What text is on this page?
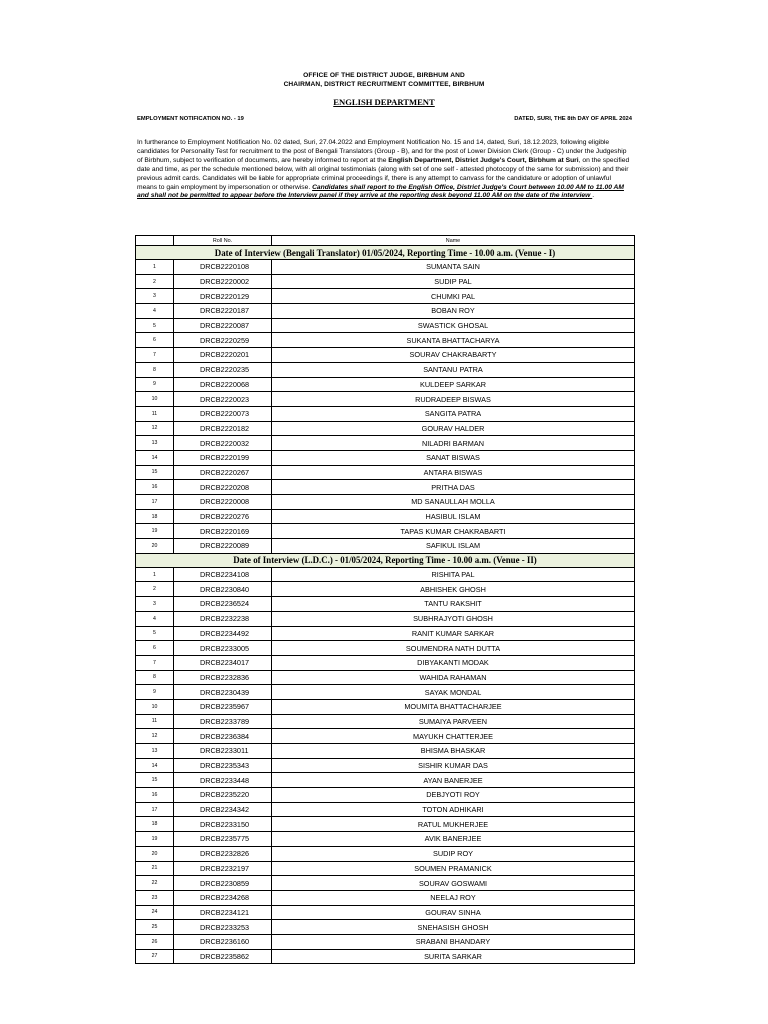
OFFICE OF THE DISTRICT JUDGE, BIRBHUM AND
CHAIRMAN, DISTRICT RECRUITMENT COMMITTEE, BIRBHUM
ENGLISH DEPARTMENT
EMPLOYMENT NOTIFICATION NO. - 19	DATED, SURI, THE 8th DAY OF APRIL 2024
In furtherance to Employment Notification No. 02 dated, Suri, 27.04.2022 and Employment Notification No. 15 and 14, dated, Suri, 18.12.2023, following eligible candidates for Personality Test for recruitment to the post of Bengali Translators (Group - B), and for the post of Lower Division Clerk (Group - C) under the Judgeship of Birbhum, subject to verification of documents, are hereby informed to report at the English Department, District Judge's Court, Birbhum at Suri, on the specified date and time, as per the schedule mentioned below, with all original testimonials (along with set of one self - attested photocopy of the same for submission) and their previous admit cards. Candidates will be liable for appropriate criminal proceedings if, there is any attempt to canvass for the candidature or adoption of unlawful means to gain employment by impersonation or otherwise. Candidates shall report to the English Office, District Judge's Court between 10.00 AM to 11.00 AM and shall not be permitted to appear before the Interview panel if they arrive at the reporting desk beyond 11.00 AM on the date of the interview .
	Roll No.	Name
Date of Interview (Bengali Translator) 01/05/2024, Reporting Time - 10.00 a.m. (Venue - I)		
1	DRCB2220108	SUMANTA SAIN
2	DRCB2220002	SUDIP PAL
3	DRCB2220129	CHUMKI PAL
4	DRCB2220187	BOBAN ROY
5	DRCB2220087	SWASTICK GHOSAL
6	DRCB2220259	SUKANTA BHATTACHARYA
7	DRCB2220201	SOURAV CHAKRABARTY
8	DRCB2220235	SANTANU PATRA
9	DRCB2220068	KULDEEP SARKAR
10	DRCB2220023	RUDRADEEP BISWAS
11	DRCB2220073	SANGITA PATRA
12	DRCB2220182	GOURAV HALDER
13	DRCB2220032	NILADRI BARMAN
14	DRCB2220199	SANAT BISWAS
15	DRCB2220267	ANTARA BISWAS
16	DRCB2220208	PRITHA DAS
17	DRCB2220008	MD SANAULLAH MOLLA
18	DRCB2220276	HASIBUL ISLAM
19	DRCB2220169	TAPAS KUMAR CHAKRABARTI
20	DRCB2220089	SAFIKUL ISLAM
Date of Interview (L.D.C.) - 01/05/2024, Reporting Time - 10.00 a.m. (Venue - II)		
1	DRCB2234108	RISHITA PAL
2	DRCB2230840	ABHISHEK GHOSH
3	DRCB2236524	TANTU RAKSHIT
4	DRCB2232238	SUBHRAJYOTI GHOSH
5	DRCB2234492	RANIT KUMAR SARKAR
6	DRCB2233005	SOUMENDRA NATH DUTTA
7	DRCB2234017	DIBYAKANTI MODAK
8	DRCB2232836	WAHIDA RAHAMAN
9	DRCB2230439	SAYAK MONDAL
10	DRCB2235967	MOUMITA BHATTACHARJEE
11	DRCB2233789	SUMAIYA PARVEEN
12	DRCB2236384	MAYUKH CHATTERJEE
13	DRCB2233011	BHISMA BHASKAR
14	DRCB2235343	SISHIR KUMAR DAS
15	DRCB2233448	AYAN BANERJEE
16	DRCB2235220	DEBJYOTI ROY
17	DRCB2234342	TOTON ADHIKARI
18	DRCB2233150	RATUL MUKHERJEE
19	DRCB2235775	AVIK BANERJEE
20	DRCB2232826	SUDIP ROY
21	DRCB2232197	SOUMEN PRAMANICK
22	DRCB2230859	SOURAV GOSWAMI
23	DRCB2234268	NEELAJ ROY
24	DRCB2234121	GOURAV SINHA
25	DRCB2233253	SNEHASISH GHOSH
26	DRCB2236160	SRABANI BHANDARY
27	DRCB2235862	SURITA SARKAR
